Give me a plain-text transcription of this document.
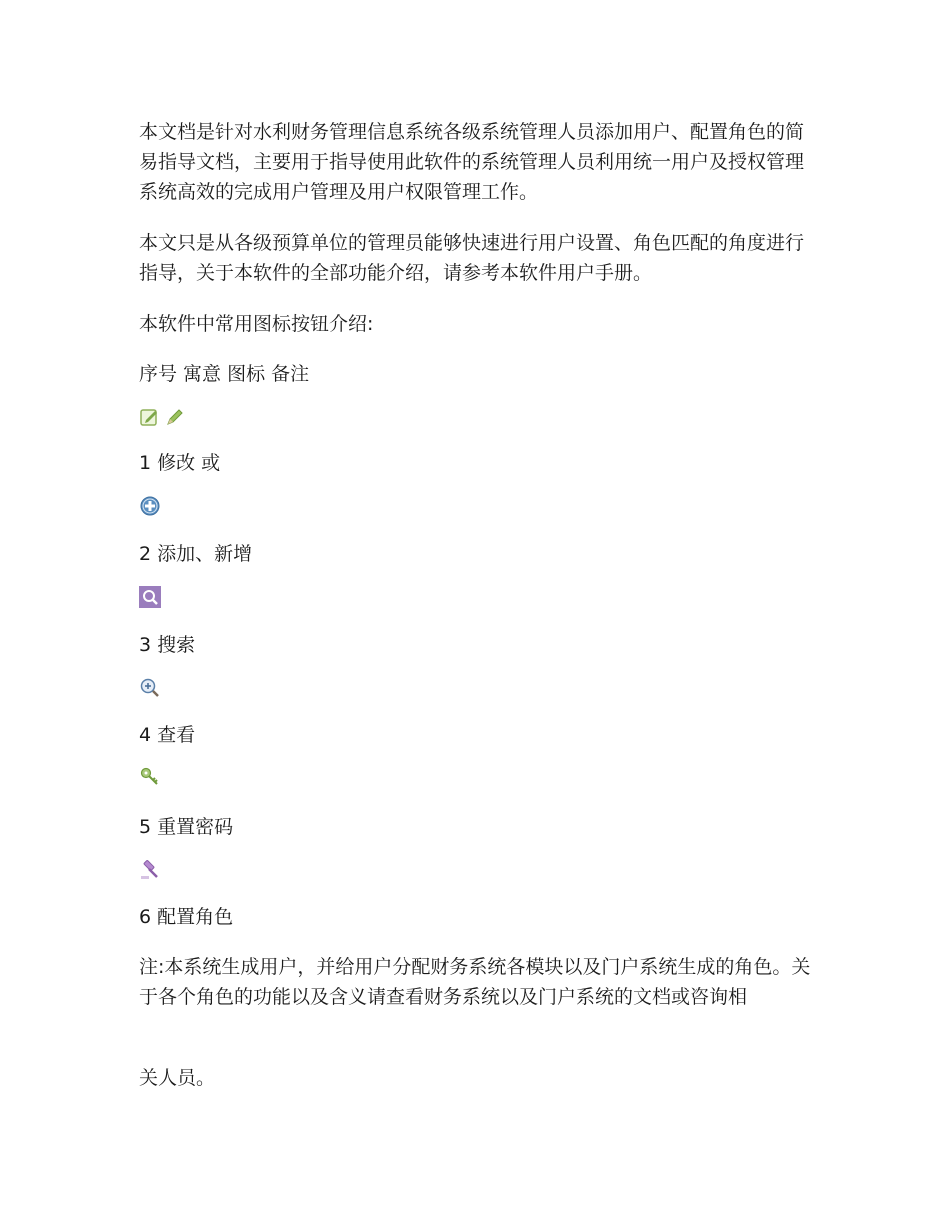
本文档是针对水利财务管理信息系统各级系统管理人员添加用户、配置角色的简易指导文档，主要用于指导使用此软件的系统管理人员利用统一用户及授权管理系统高效的完成用户管理及用户权限管理工作。

本文只是从各级预算单位的管理员能够快速进行用户设置、角色匹配的角度进行指导，关于本软件的全部功能介绍，请参考本软件用户手册。

本软件中常用图标按钮介绍:

序号 寓意 图标 备注

1 修改 或

2 添加、新增

3 搜索

4 查看

5 重置密码

6 配置角色

注:本系统生成用户，并给用户分配财务系统各模块以及门户系统生成的角色。关于各个角色的功能以及含义请查看财务系统以及门户系统的文档或咨询相

关人员。
